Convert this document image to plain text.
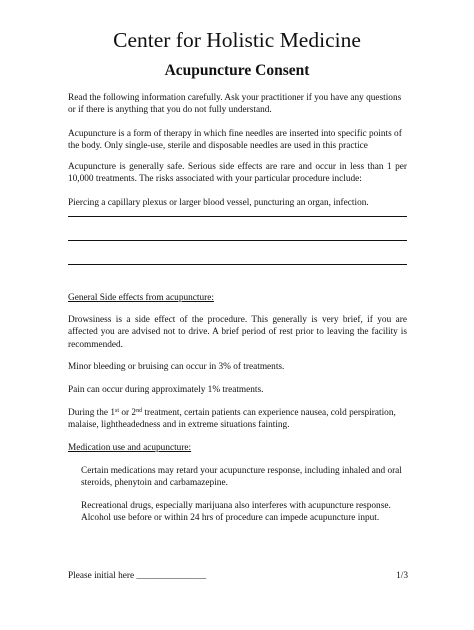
Center for Holistic Medicine
Acupuncture Consent

Read the following information carefully. Ask your practitioner if you have any questions or if there is anything that you do not fully understand.

Acupuncture is a form of therapy in which fine needles are inserted into specific points of the body. Only single-use, sterile and disposable needles are used in this practice

Acupuncture is generally safe. Serious side effects are rare and occur in less than 1 per 10,000 treatments. The risks associated with your particular procedure include:

Piercing a capillary plexus or larger blood vessel, puncturing an organ, infection.

General Side effects from acupuncture:

Drowsiness is a side effect of the procedure. This generally is very brief, if you are affected you are advised not to drive. A brief period of rest prior to leaving the facility is recommended.

Minor bleeding or bruising can occur in 3% of treatments.

Pain can occur during approximately 1% treatments.

During the 1st or 2nd treatment, certain patients can experience nausea, cold perspiration, malaise, lightheadedness and in extreme situations fainting.

Medication use and acupuncture:

Certain medications may retard your acupuncture response, including inhaled and oral steroids, phenytoin and carbamazepine.

Recreational drugs, especially marijuana also interferes with acupuncture response. Alcohol use before or within 24 hrs of procedure can impede acupuncture input.

Please initial here _______________	1/3
